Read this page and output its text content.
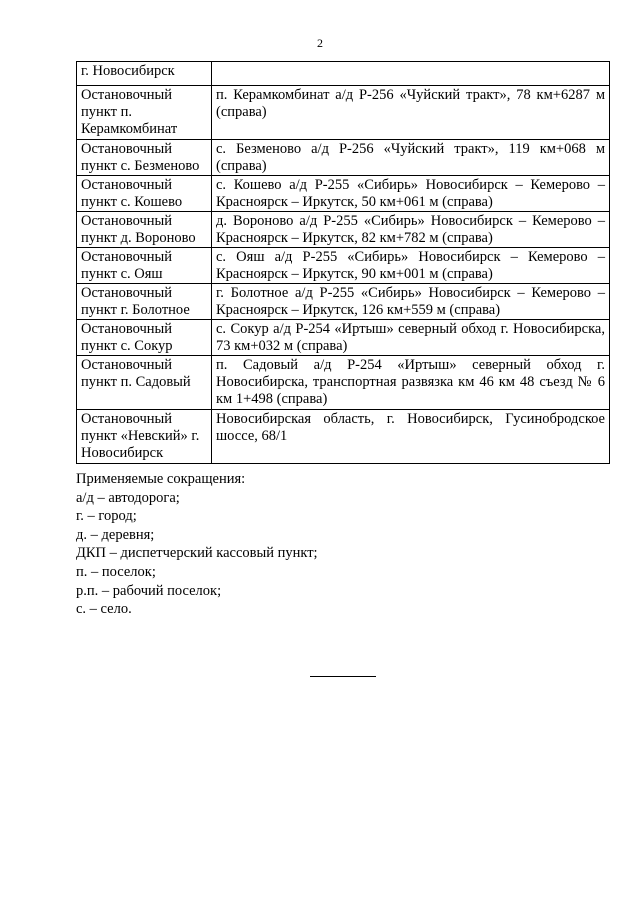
2
г. Новосибирск	
Остановочный пункт п. Керамкомбинат	п. Керамкомбинат а/д Р-256 «Чуйский тракт», 78 км+6287 м (справа)
Остановочный пункт с. Безменово	с. Безменово а/д Р-256 «Чуйский тракт», 119 км+068 м (справа)
Остановочный пункт с. Кошево	с. Кошево а/д Р-255 «Сибирь» Новосибирск – Кемерово – Красноярск – Иркутск, 50 км+061 м (справа)
Остановочный пункт д. Вороново	д. Вороново а/д Р-255 «Сибирь» Новосибирск – Кемерово – Красноярск – Иркутск, 82 км+782 м (справа)
Остановочный пункт с. Ояш	с. Ояш а/д Р-255 «Сибирь» Новосибирск – Кемерово – Красноярск – Иркутск, 90 км+001 м (справа)
Остановочный пункт г. Болотное	г. Болотное а/д Р-255 «Сибирь» Новосибирск – Кемерово – Красноярск – Иркутск, 126 км+559 м (справа)
Остановочный пункт с. Сокур	с. Сокур а/д Р-254 «Иртыш» северный обход г. Новосибирска, 73 км+032 м (справа)
Остановочный пункт п. Садовый	п. Садовый а/д Р-254 «Иртыш» северный обход г. Новосибирска, транспортная развязка км 46 км 48 съезд № 6 км 1+498 (справа)
Остановочный пункт «Невский» г. Новосибирск	Новосибирская область, г. Новосибирск, Гусинобродское шоссе, 68/1
Применяемые сокращения:
а/д – автодорога;
г. – город;
д. – деревня;
ДКП – диспетчерский кассовый пункт;
п. – поселок;
р.п. – рабочий поселок;
с. – село.
